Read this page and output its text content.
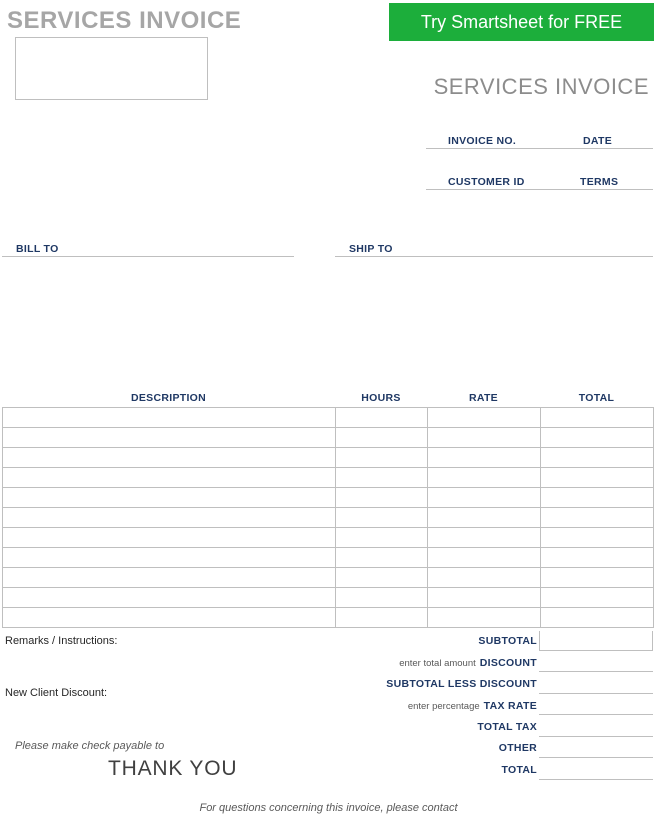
SERVICES INVOICE	Try Smartsheet for FREE
SERVICES INVOICE
INVOICE NO.	DATE
CUSTOMER ID	TERMS
BILL TO	SHIP TO
DESCRIPTION	HOURS	RATE	TOTAL

Remarks / Instructions:
New Client Discount:
SUBTOTAL
enter total amount DISCOUNT
SUBTOTAL LESS DISCOUNT
enter percentage TAX RATE
TOTAL TAX
OTHER
TOTAL
Please make check payable to
THANK YOU
For questions concerning this invoice, please contact
